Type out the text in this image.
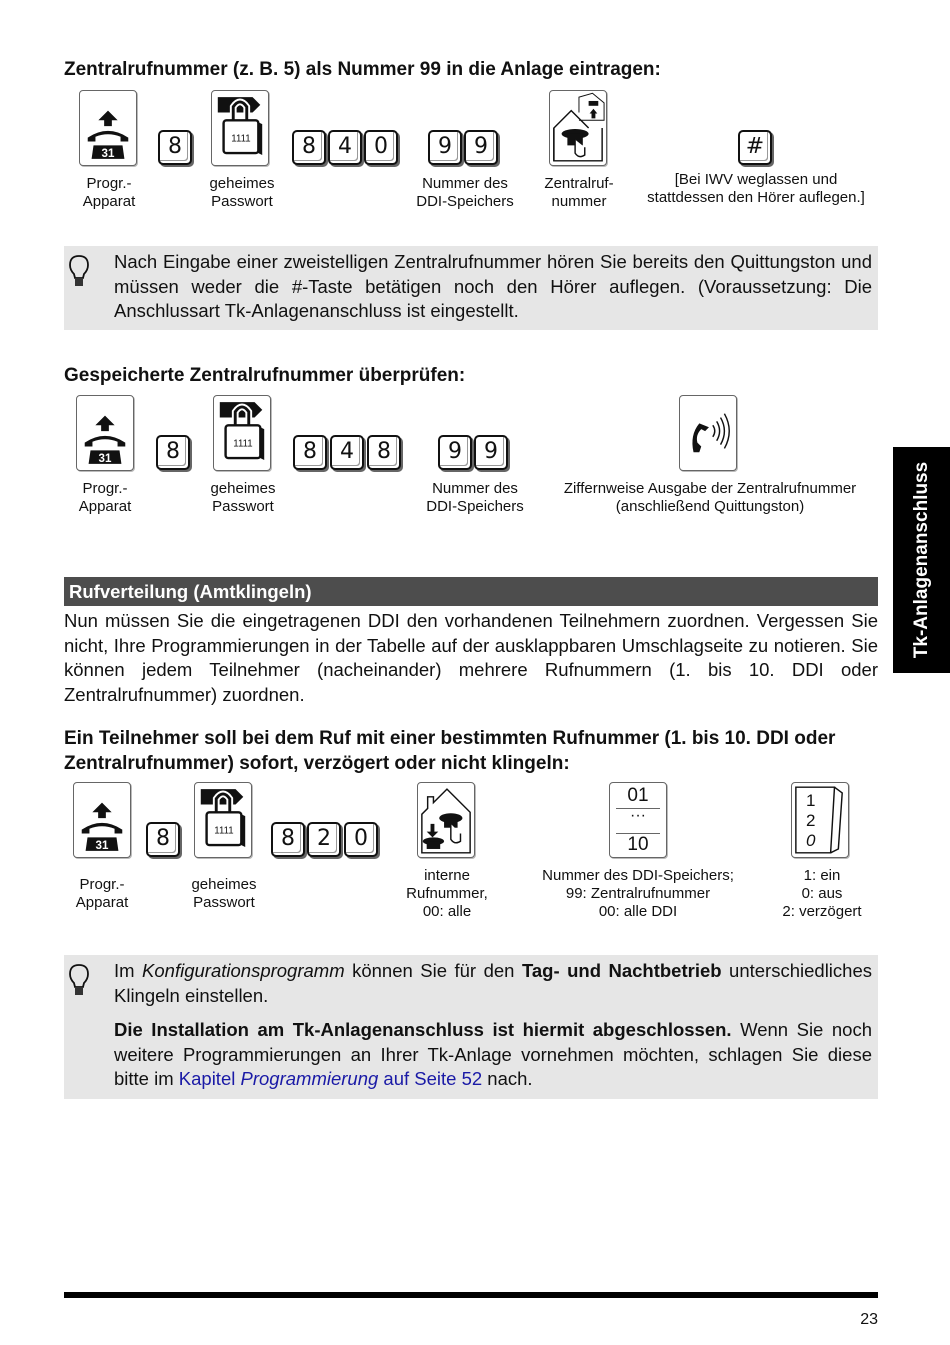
Zentralrufnummer (z. B. 5) als Nummer 99 in die Anlage eintragen:
31	8	1111	8	4	0	9	9	#
Progr.-
Apparat
geheimes
Passwort
Nummer des
DDI-Speichers
Zentralruf-
nummer
[Bei IWV weglassen und
stattdessen den Hörer auflegen.]
Nach Eingabe einer zweistelligen Zentralrufnummer hören Sie bereits den Quittungston und müssen weder die #-Taste betätigen noch den Hörer auflegen. (Voraussetzung: Die Anschlussart Tk-Anlagenanschluss ist eingestellt.
Gespeicherte Zentralrufnummer überprüfen:
31	8	1111	8	4	8	9	9
Progr.-
Apparat
geheimes
Passwort
Nummer des
DDI-Speichers
Ziffernweise Ausgabe der Zentralrufnummer
(anschließend Quittungston)	Tk-Anlagenanschluss
Rufverteilung (Amtklingeln)
Nun müssen Sie die eingetragenen DDI den vorhandenen Teilnehmern zuordnen. Vergessen Sie nicht, Ihre Programmierungen in der Tabelle auf der ausklappbaren Umschlagseite zu notieren. Sie können jedem Teilnehmer (nacheinander) mehrere Rufnummern (1. bis 10. DDI oder Zentralrufnummer) zuordnen.
Ein Teilnehmer soll bei dem Ruf mit einer bestimmten Rufnummer (1. bis 10. DDI oder Zentralrufnummer) sofort, verzögert oder nicht klingeln:
31	8	1111	8	2	0
01
···
10
1
2
0
Progr.-
Apparat
geheimes
Passwort
interne
Rufnummer,
00: alle
Nummer des DDI-Speichers;
99: Zentralrufnummer
00: alle DDI
1: ein
0: aus
2: verzögert
Im Konfigurationsprogramm können Sie für den Tag- und Nachtbetrieb unterschiedliches Klingeln einstellen.
Die Installation am Tk-Anlagenanschluss ist hiermit abgeschlossen. Wenn Sie noch weitere Programmierungen an Ihrer Tk-Anlage vornehmen möchten, schlagen Sie diese bitte im Kapitel Programmierung auf Seite 52 nach.
23
